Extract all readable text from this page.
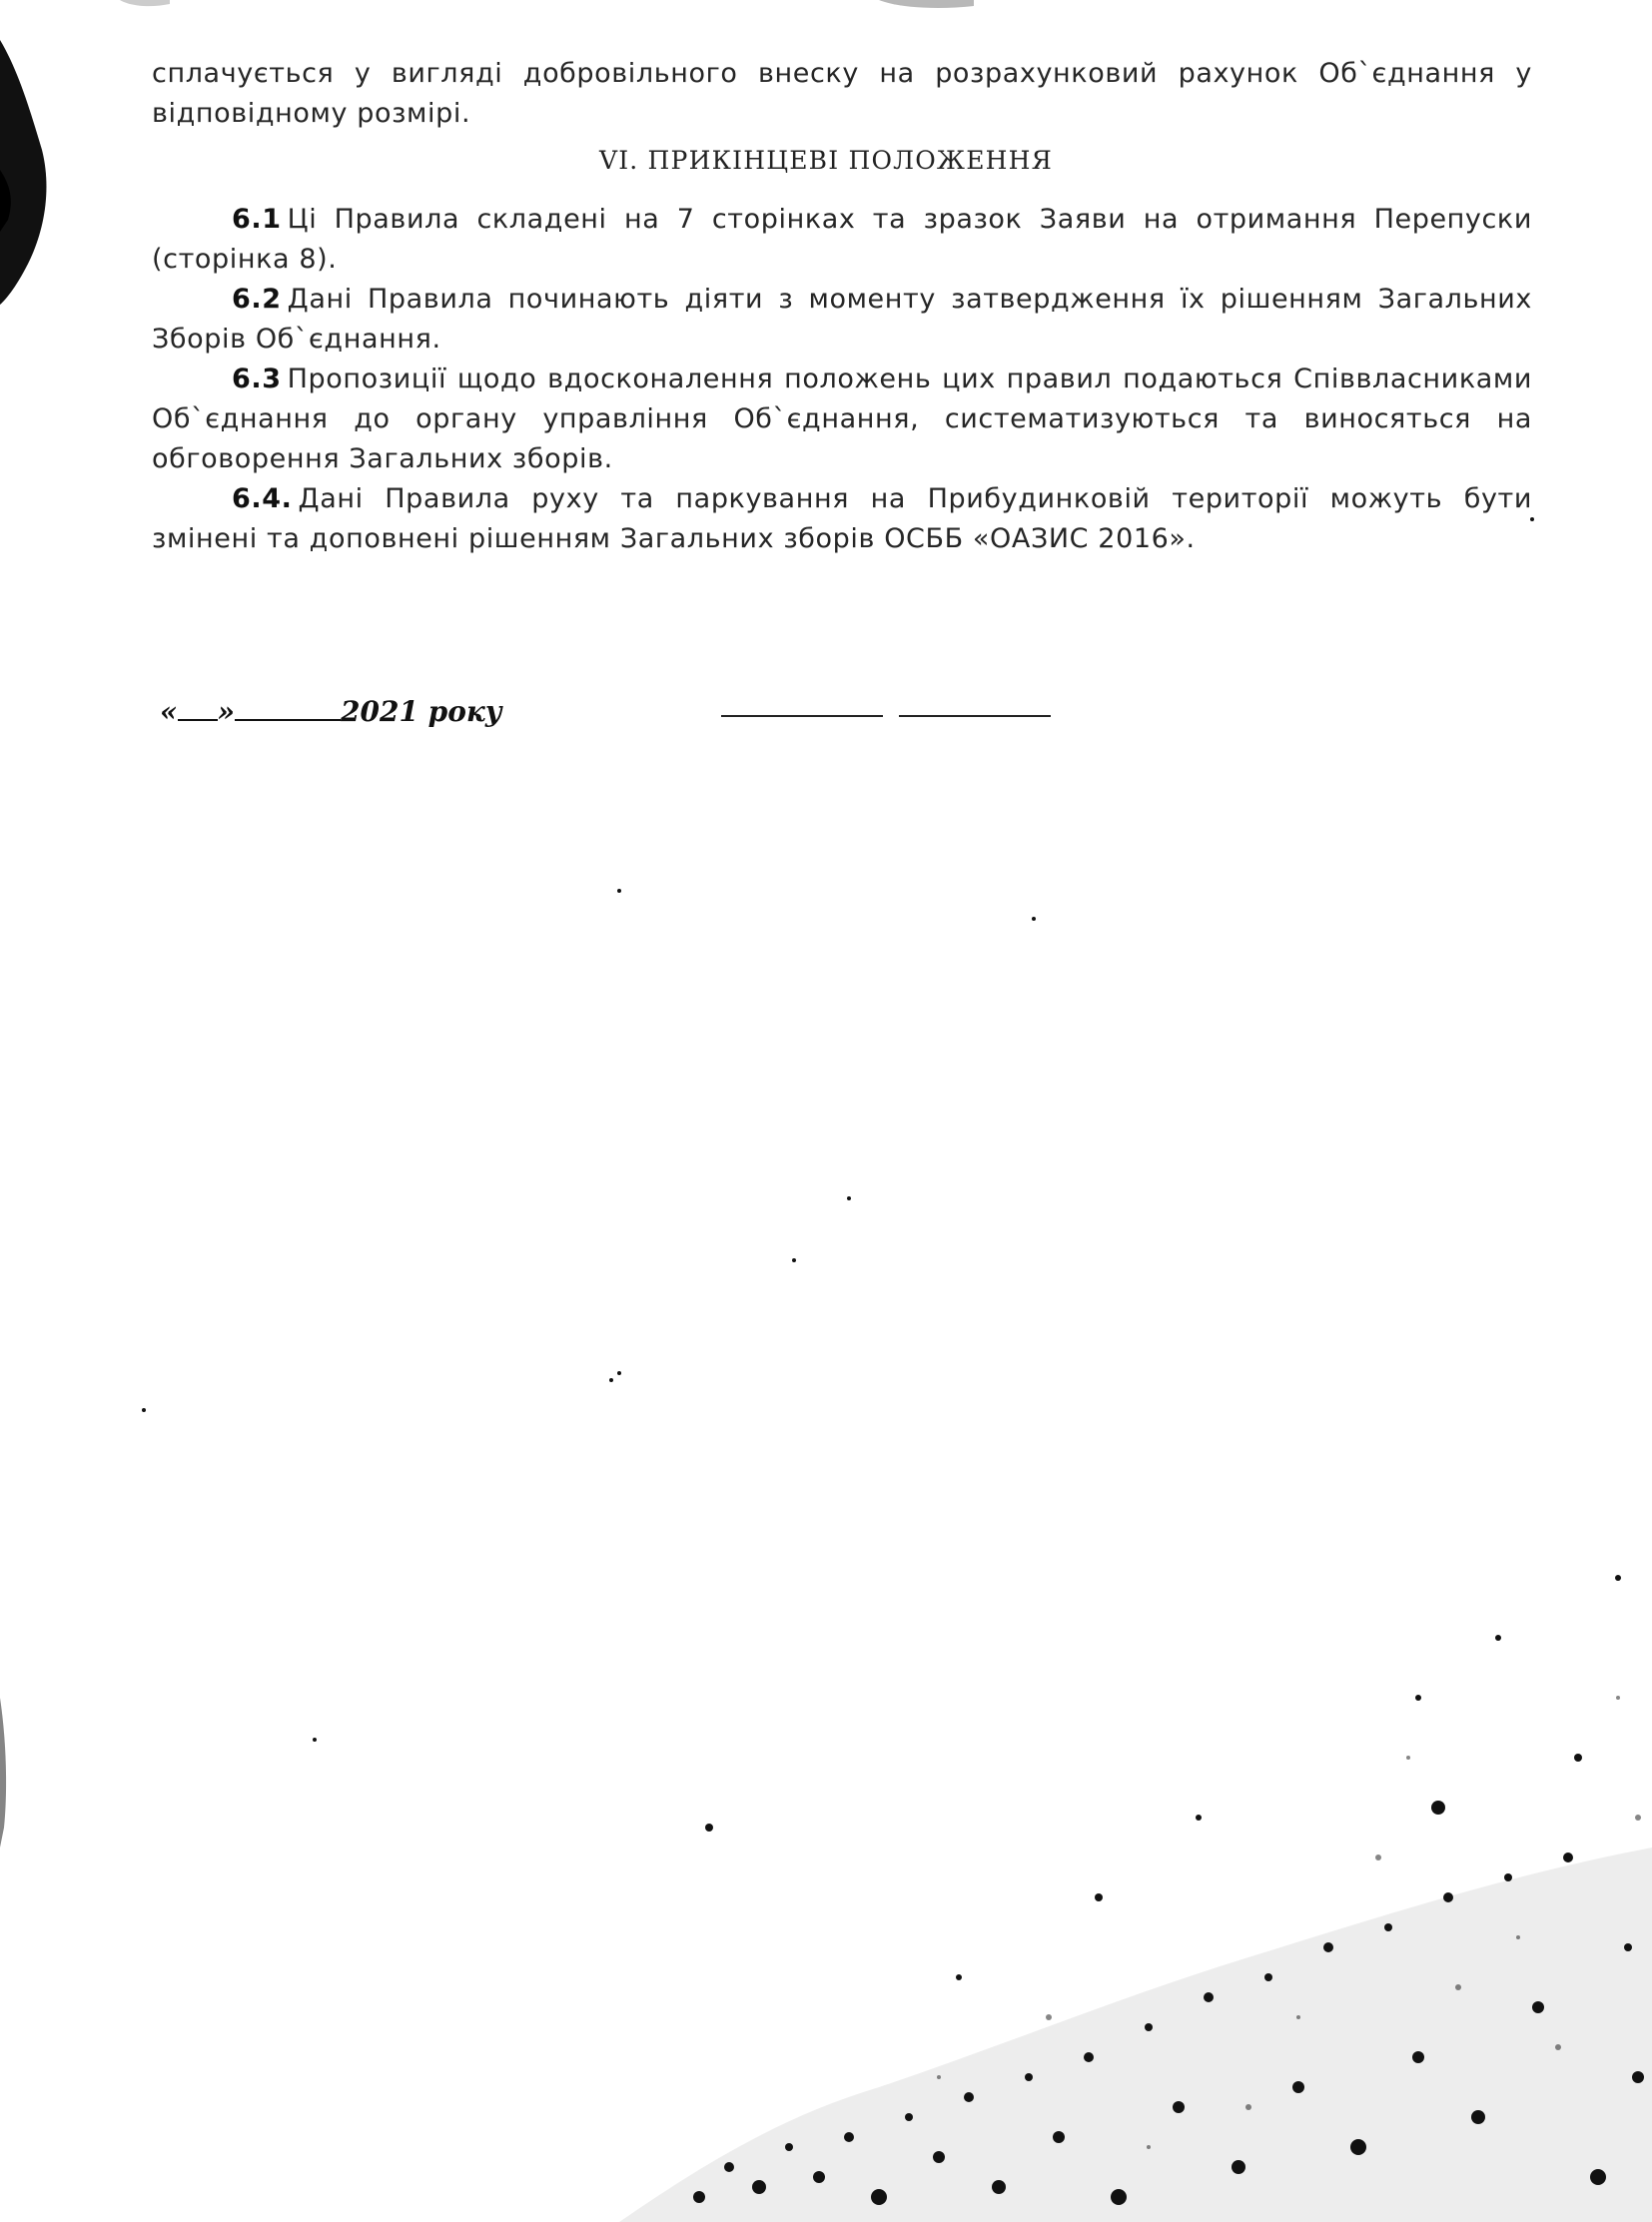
сплачується у вигляді добровільного внеску на розрахунковий рахунок Об`єднання у відповідному розмірі.
VI. ПРИКІНЦЕВІ ПОЛОЖЕННЯ

6.1 Ці Правила складені на 7 сторінках та зразок Заяви на отримання Перепуски (сторінка 8).

6.2 Дані Правила починають діяти з моменту затвердження їх рішенням Загальних Зборів Об`єднання.

6.3 Пропозиції щодо вдосконалення положень цих правил подаються Співвласниками Об`єднання до органу управління Об`єднання, систематизуються та виносяться на обговорення Загальних зборів.

6.4. Дані Правила руху та паркування на Прибудинковій території можуть бути змінені та доповнені рішенням Загальних зборів ОСББ «ОАЗИС 2016».

« »	2021 року
